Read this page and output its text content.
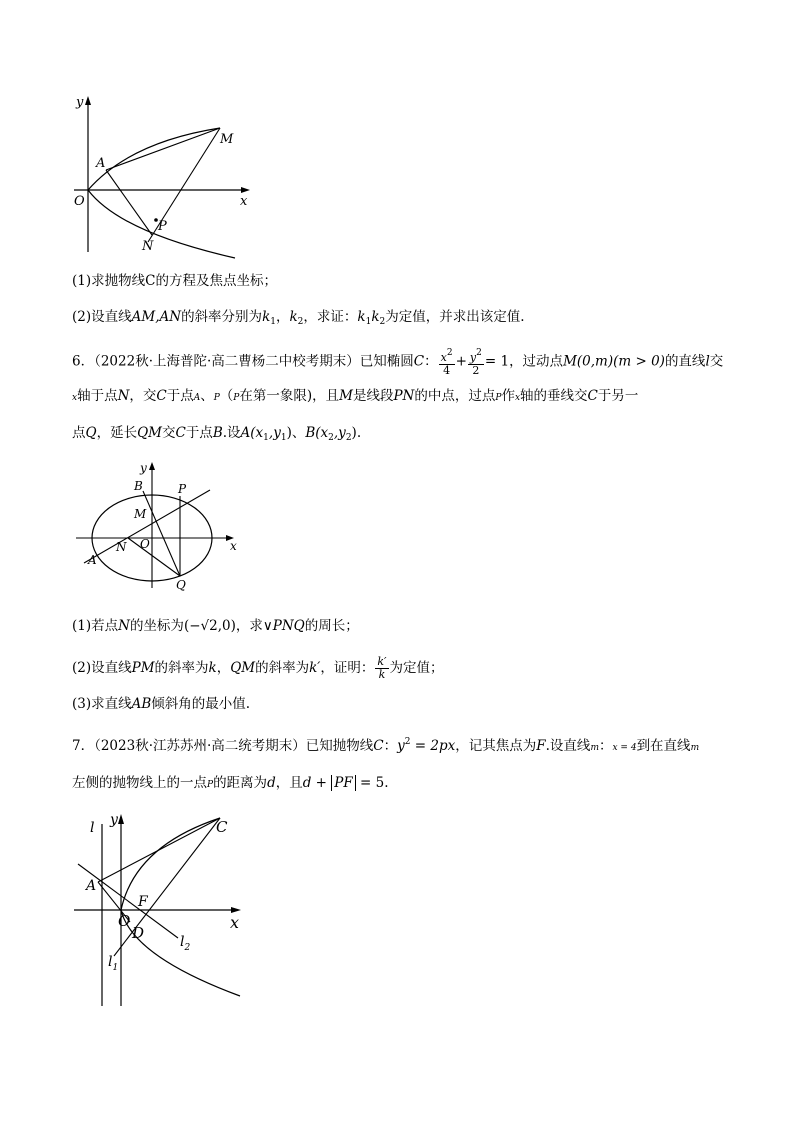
y
x
O
A
M
P
N
(1)求抛物线C的方程及焦点坐标；
(2)设直线AM,AN的斜率分别为$k_1$，$k_2$，求证：$k_1k_2$为定值，并求出该定值.
6．（2022秋·上海普陀·高二曹杨二中校考期末）已知椭圆C： $\frac{x^2}{4} + \frac{y^2}{2} = 1$，过动点M(0,m)(m > 0)的直线l交
x轴于点N，交C于点A、P（P在第一象限)，且M是线段PN的中点，过点P作x轴的垂线交C于另一
点Q，延长QM交C于点B.设$A(x_1,y_1)$、$B(x_2,y_2)$.
y
x
B	P
M
O
N
A
Q
(1)若点N的坐标为(−√2,0)，求∨PNQ的周长；
(2)设直线PM的斜率为k，QM的斜率为k′，证明： $\frac{k'}{k}$ 为定值；
(3)求直线AB倾斜角的最小值.
7．（2023秋·江苏苏州·高二统考期末）已知抛物线C：$y^2 = 2px$，记其焦点为F.设直线m：x = 4到在直线m
左侧的抛物线上的一点P的距离为d，且d + PF = 5.
y
x
l	C
A
F
O
D	$l_2$
$l_1$
